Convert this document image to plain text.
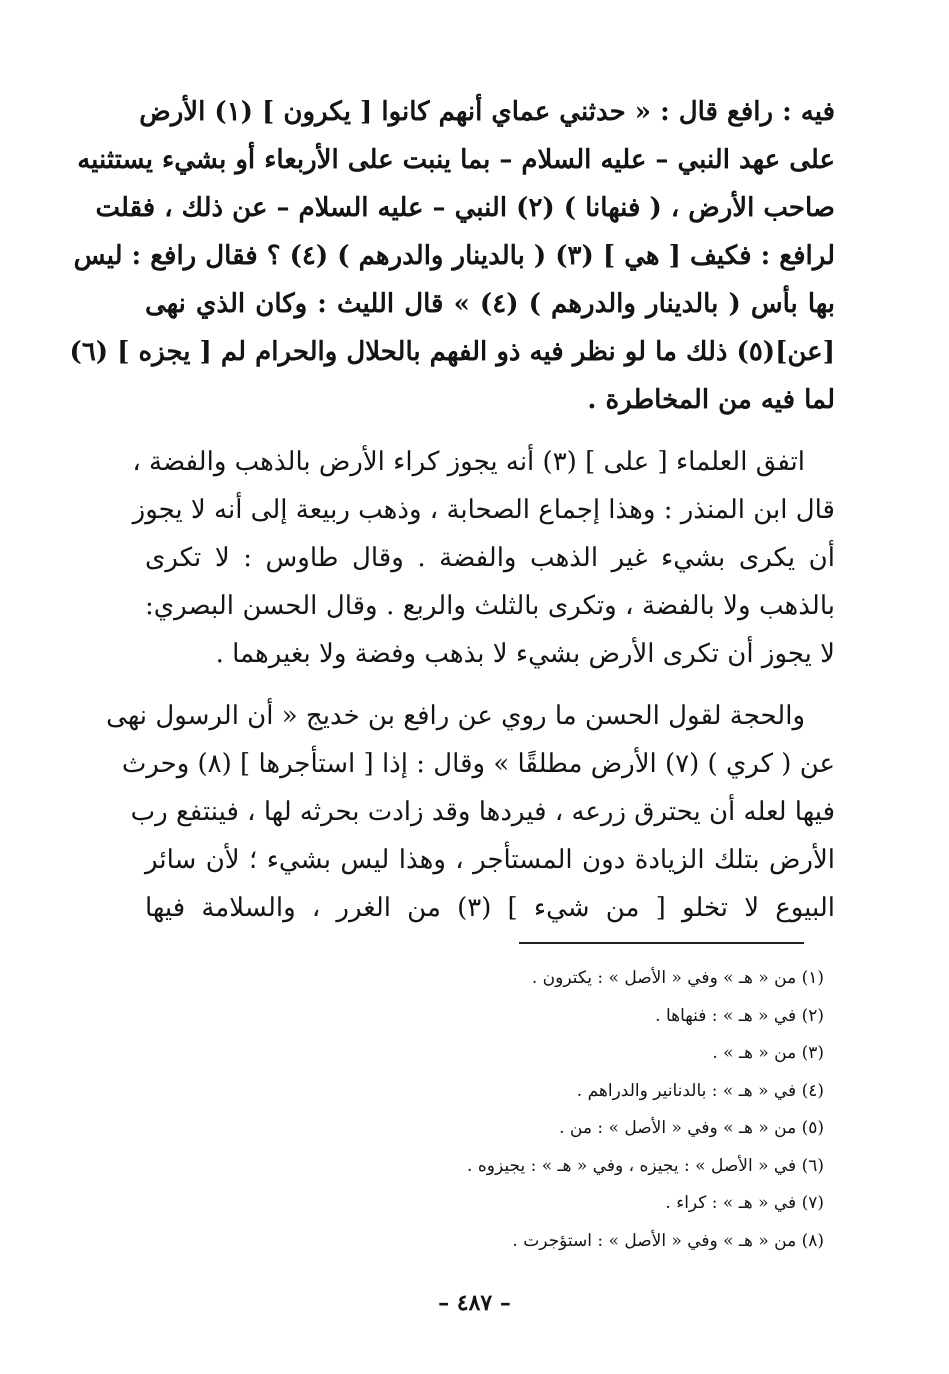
فيه : رافع قال : « حدثني عماي أنهم كانوا [ يكرون ] (١) الأرض
على عهد النبي – عليه السلام – بما ينبت على الأربعاء أو بشيء يستثنيه
صاحب الأرض ، ( فنهانا ) (٢) النبي – عليه السلام – عن ذلك ، فقلت
لرافع : فكيف [ هي ] (٣) ( بالدينار والدرهم ) (٤) ؟ فقال رافع : ليس
بها بأس ( بالدينار والدرهم ) (٤) » قال الليث : وكان الذي نهى
[عن](٥) ذلك ما لو نظر فيه ذو الفهم بالحلال والحرام لم [ يجزه ] (٦)
لما فيه من المخاطرة .
اتفق العلماء [ على ] (٣) أنه يجوز كراء الأرض بالذهب والفضة ،
قال ابن المنذر : وهذا إجماع الصحابة ، وذهب ربيعة إلى أنه لا يجوز
أن يكرى بشيء غير الذهب والفضة . وقال طاوس : لا تكرى
بالذهب ولا بالفضة ، وتكرى بالثلث والربع . وقال الحسن البصري:
لا يجوز أن تكرى الأرض بشيء لا بذهب وفضة ولا بغيرهما .
والحجة لقول الحسن ما روي عن رافع بن خديج « أن الرسول نهى
عن ( كري ) (٧) الأرض مطلقًا » وقال : إذا [ استأجرها ] (٨) وحرث
فيها لعله أن يحترق زرعه ، فيردها وقد زادت بحرثه لها ، فينتفع رب
الأرض بتلك الزيادة دون المستأجر ، وهذا ليس بشيء ؛ لأن سائر
البيوع لا تخلو [ من شيء ] (٣) من الغرر ، والسلامة فيها
(١) من « هـ » وفي « الأصل » : يكترون .
(٢) في « هـ » : فنهاها .
(٣) من « هـ » .
(٤) في « هـ » : بالدنانير والدراهم .
(٥) من « هـ » وفي « الأصل » : من .
(٦) في « الأصل » : يجيزه ، وفي « هـ » : يجيزوه .
(٧) في « هـ » : كراء .
(٨) من « هـ » وفي « الأصل » : استؤجرت .
– ٤٨٧ –
